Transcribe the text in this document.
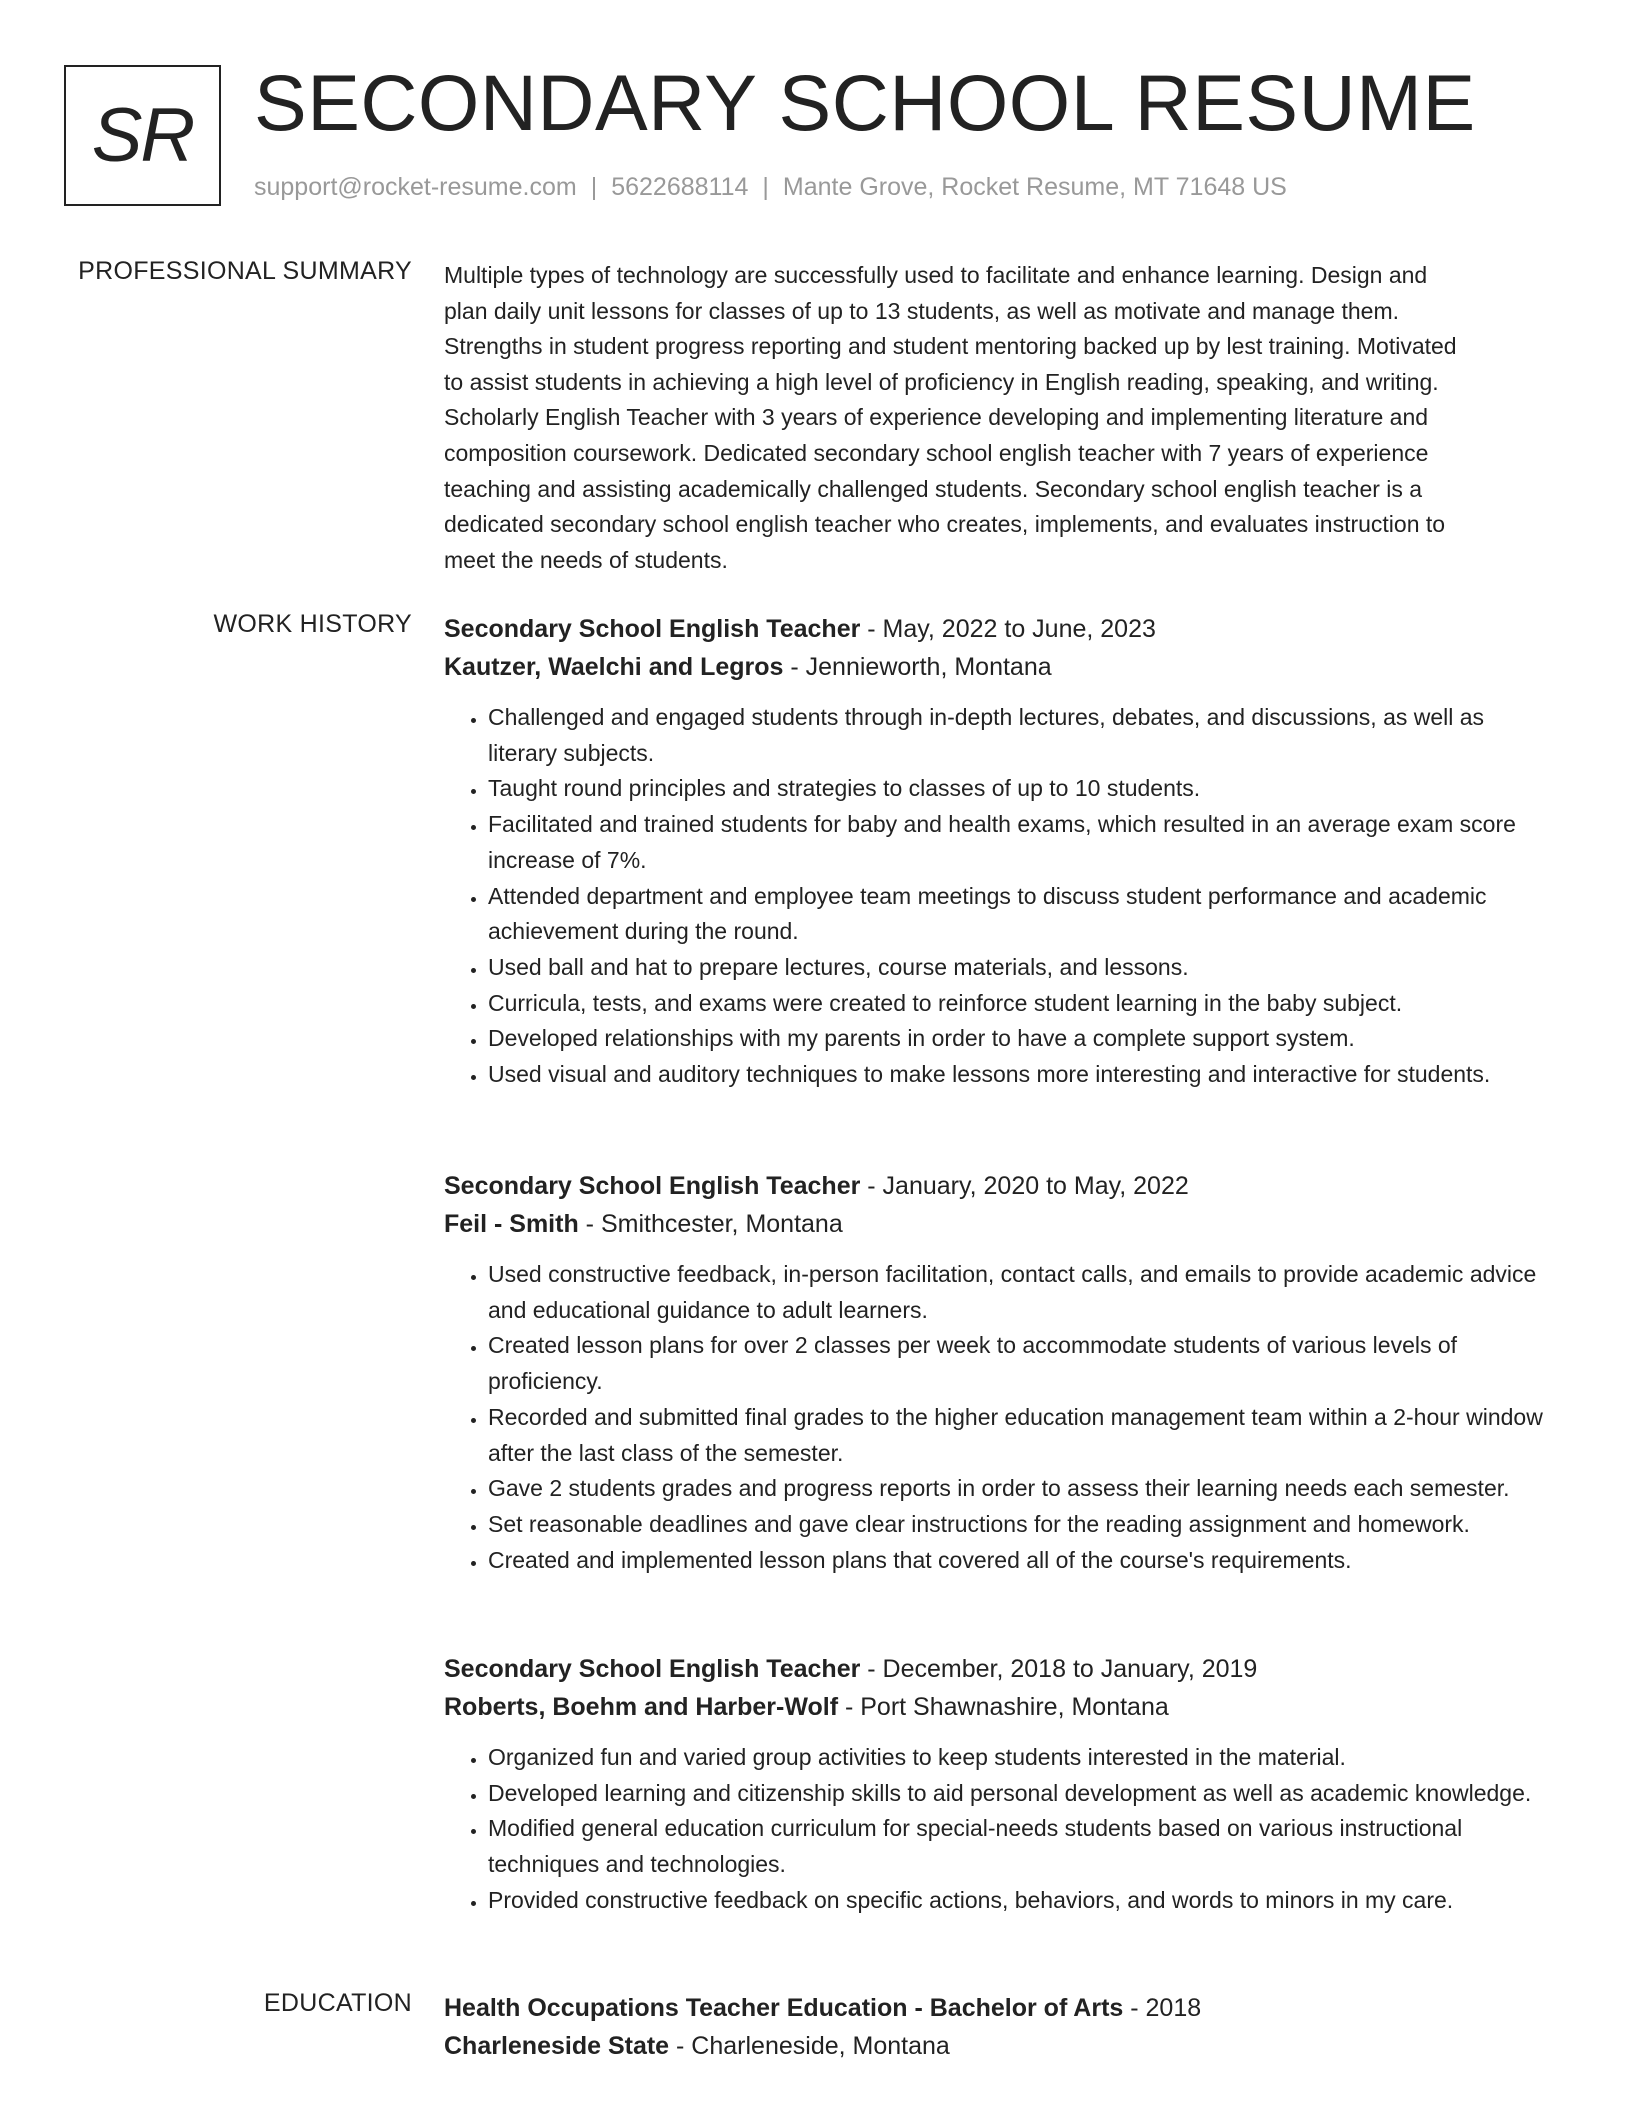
SR SECONDARY SCHOOL RESUME
support@rocket-resume.com | 5622688114 | Mante Grove, Rocket Resume, MT 71648 US
PROFESSIONAL SUMMARY Multiple types of technology are successfully used to facilitate and enhance learning. Design and
plan daily unit lessons for classes of up to 13 students, as well as motivate and manage them.
Strengths in student progress reporting and student mentoring backed up by lest training. Motivated
to assist students in achieving a high level of proficiency in English reading, speaking, and writing.
Scholarly English Teacher with 3 years of experience developing and implementing literature and
composition coursework. Dedicated secondary school english teacher with 7 years of experience
teaching and assisting academically challenged students. Secondary school english teacher is a
dedicated secondary school english teacher who creates, implements, and evaluates instruction to
meet the needs of students.
WORK HISTORY Secondary School English Teacher - May, 2022 to June, 2023
Kautzer, Waelchi and Legros - Jennieworth, Montana
• Challenged and engaged students through in-depth lectures, debates, and discussions, as well as literary subjects.
• Taught round principles and strategies to classes of up to 10 students.
• Facilitated and trained students for baby and health exams, which resulted in an average exam score increase of 7%.
• Attended department and employee team meetings to discuss student performance and academic achievement during the round.
• Used ball and hat to prepare lectures, course materials, and lessons.
• Curricula, tests, and exams were created to reinforce student learning in the baby subject.
• Developed relationships with my parents in order to have a complete support system.
• Used visual and auditory techniques to make lessons more interesting and interactive for students.
Secondary School English Teacher - January, 2020 to May, 2022
Feil - Smith - Smithcester, Montana
• Used constructive feedback, in-person facilitation, contact calls, and emails to provide academic advice and educational guidance to adult learners.
• Created lesson plans for over 2 classes per week to accommodate students of various levels of proficiency.
• Recorded and submitted final grades to the higher education management team within a 2-hour window after the last class of the semester.
• Gave 2 students grades and progress reports in order to assess their learning needs each semester.
• Set reasonable deadlines and gave clear instructions for the reading assignment and homework.
• Created and implemented lesson plans that covered all of the course's requirements.
Secondary School English Teacher - December, 2018 to January, 2019
Roberts, Boehm and Harber-Wolf - Port Shawnashire, Montana
• Organized fun and varied group activities to keep students interested in the material.
• Developed learning and citizenship skills to aid personal development as well as academic knowledge.
• Modified general education curriculum for special-needs students based on various instructional techniques and technologies.
• Provided constructive feedback on specific actions, behaviors, and words to minors in my care.
EDUCATION Health Occupations Teacher Education - Bachelor of Arts - 2018
Charleneside State - Charleneside, Montana
